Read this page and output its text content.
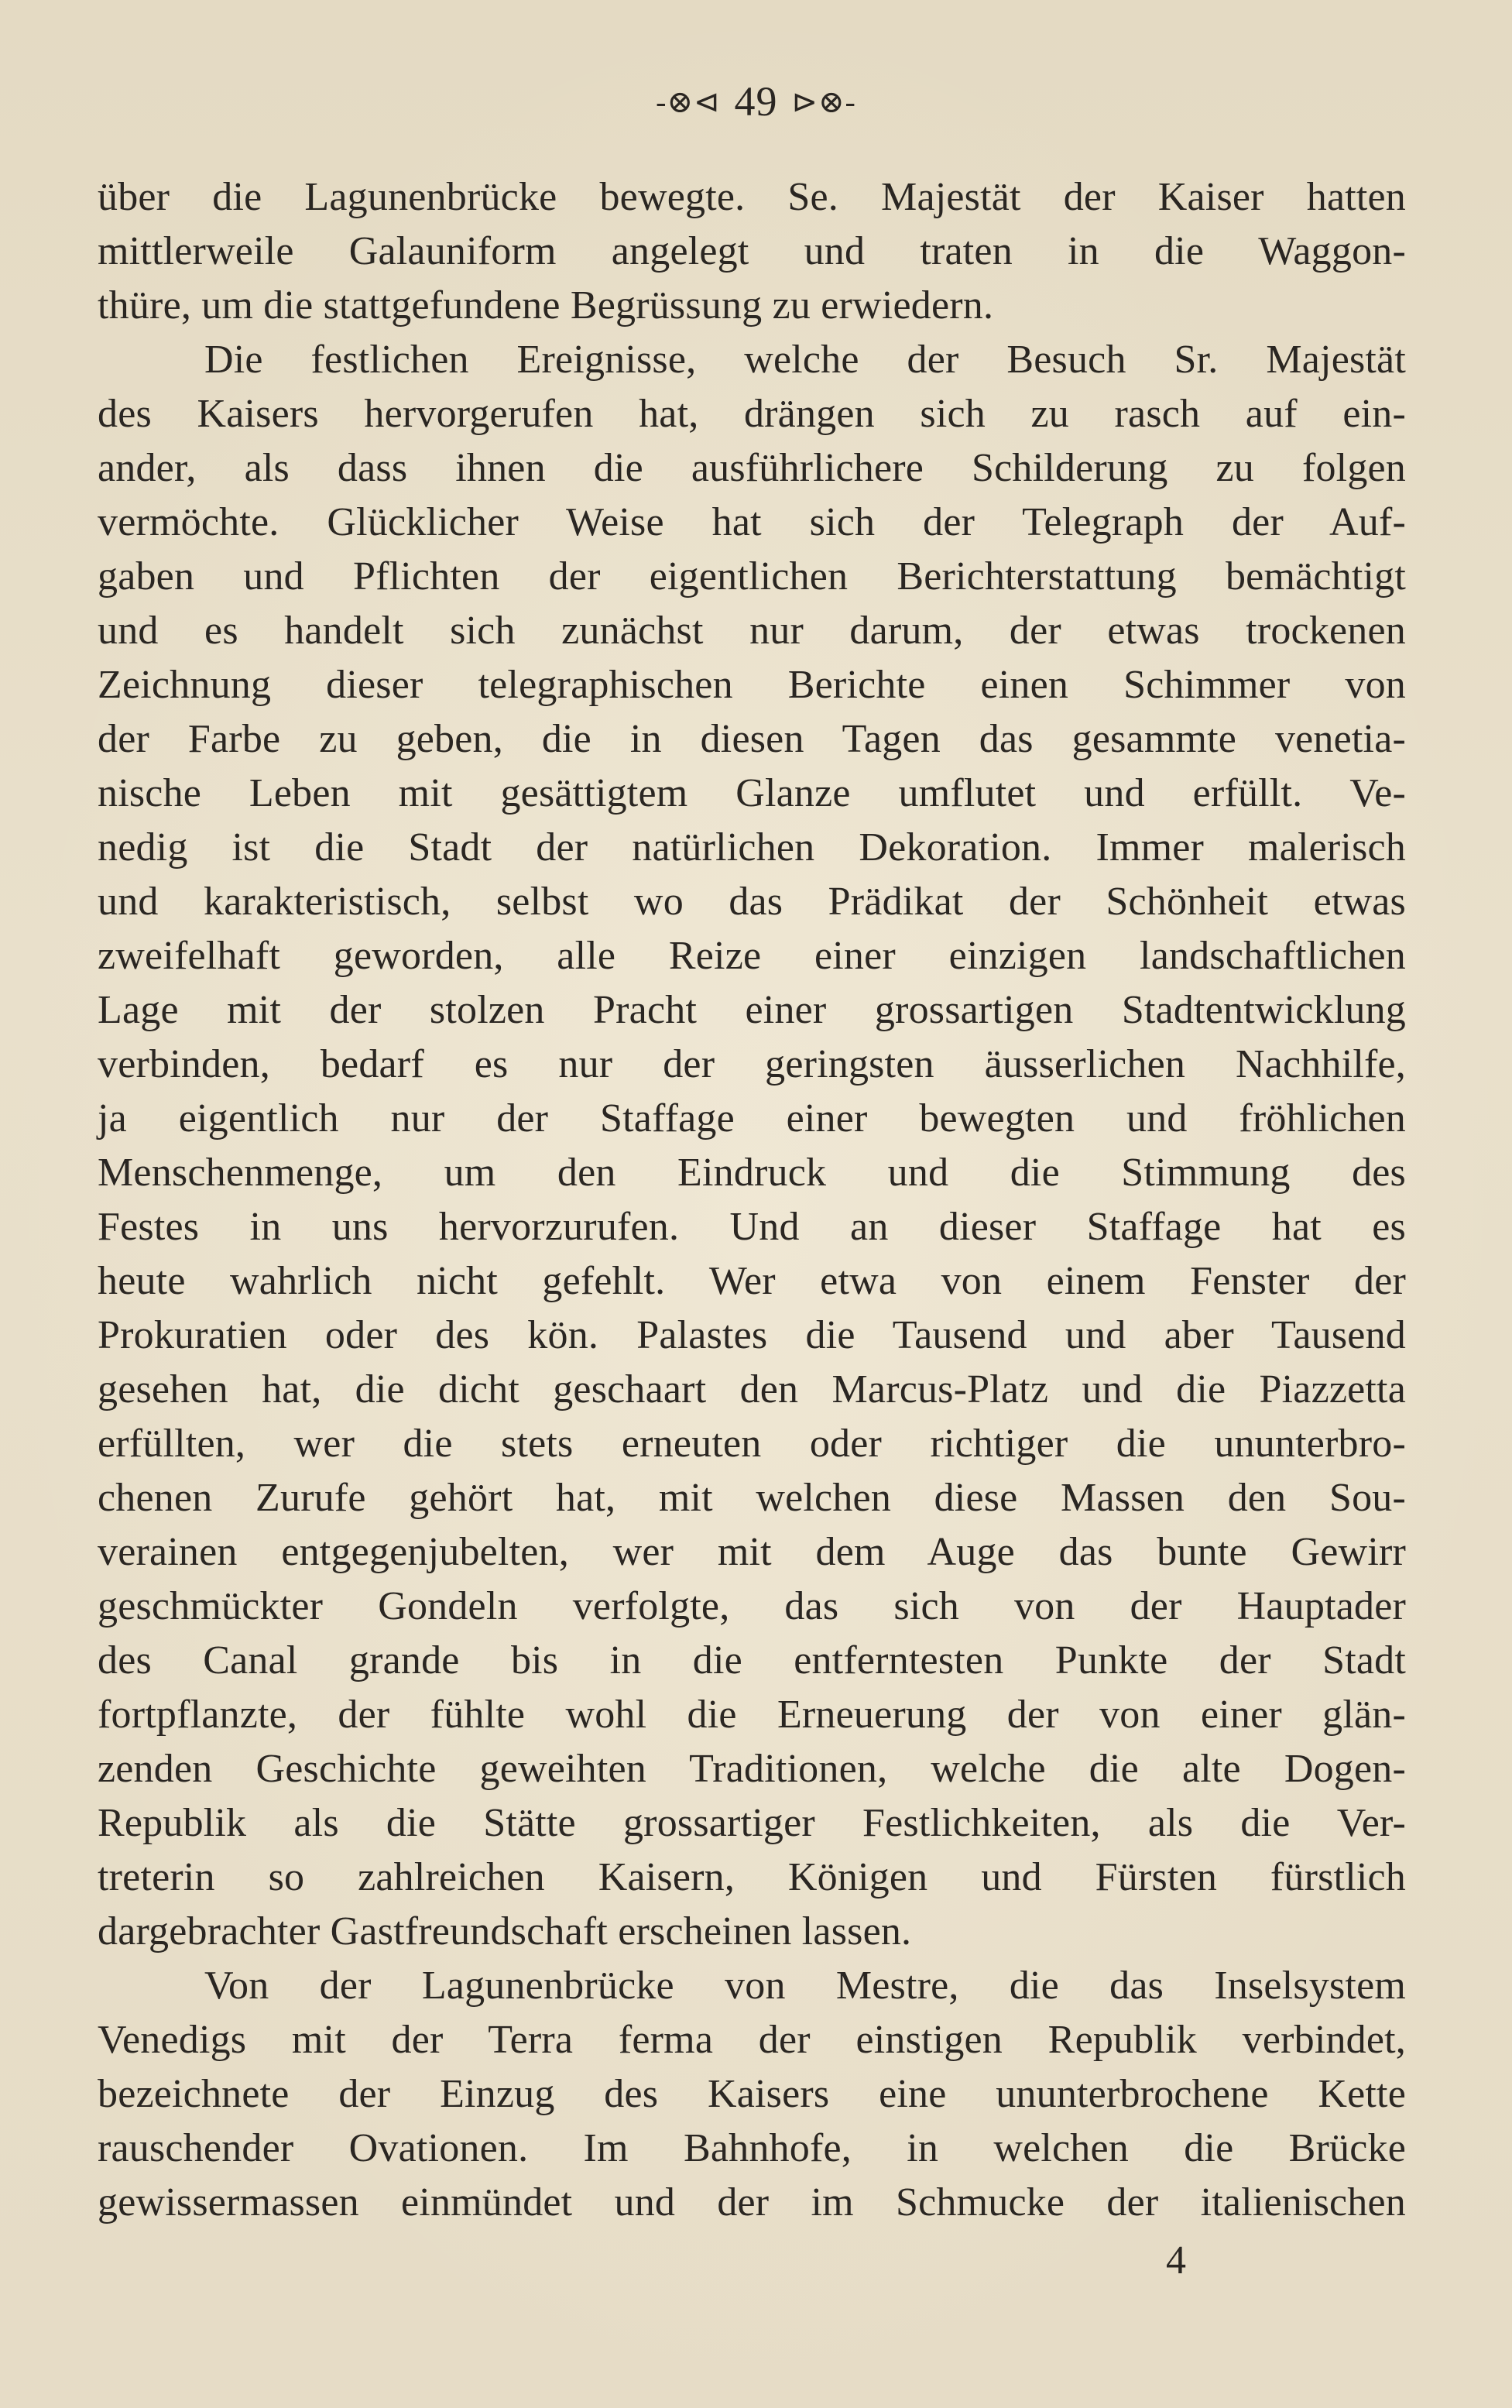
-⊗⊲ 49 ⊳⊗-
über die Lagunenbrücke bewegte. Se. Majestät der Kaiser hatten
mittlerweile Galauniform angelegt und traten in die Waggon-
thüre, um die stattgefundene Begrüssung zu erwiedern.
Die festlichen Ereignisse, welche der Besuch Sr. Majestät
des Kaisers hervorgerufen hat, drängen sich zu rasch auf ein-
ander, als dass ihnen die ausführlichere Schilderung zu folgen
vermöchte. Glücklicher Weise hat sich der Telegraph der Auf-
gaben und Pflichten der eigentlichen Berichterstattung bemächtigt
und es handelt sich zunächst nur darum, der etwas trockenen
Zeichnung dieser telegraphischen Berichte einen Schimmer von
der Farbe zu geben, die in diesen Tagen das gesammte venetia-
nische Leben mit gesättigtem Glanze umflutet und erfüllt. Ve-
nedig ist die Stadt der natürlichen Dekoration. Immer malerisch
und karakteristisch, selbst wo das Prädikat der Schönheit etwas
zweifelhaft geworden, alle Reize einer einzigen landschaftlichen
Lage mit der stolzen Pracht einer grossartigen Stadtentwicklung
verbinden, bedarf es nur der geringsten äusserlichen Nachhilfe,
ja eigentlich nur der Staffage einer bewegten und fröhlichen
Menschenmenge, um den Eindruck und die Stimmung des
Festes in uns hervorzurufen. Und an dieser Staffage hat es
heute wahrlich nicht gefehlt. Wer etwa von einem Fenster der
Prokuratien oder des kön. Palastes die Tausend und aber Tausend
gesehen hat, die dicht geschaart den Marcus-Platz und die Piazzetta
erfüllten, wer die stets erneuten oder richtiger die ununterbro-
chenen Zurufe gehört hat, mit welchen diese Massen den Sou-
verainen entgegenjubelten, wer mit dem Auge das bunte Gewirr
geschmückter Gondeln verfolgte, das sich von der Hauptader
des Canal grande bis in die entferntesten Punkte der Stadt
fortpflanzte, der fühlte wohl die Erneuerung der von einer glän-
zenden Geschichte geweihten Traditionen, welche die alte Dogen-
Republik als die Stätte grossartiger Festlichkeiten, als die Ver-
treterin so zahlreichen Kaisern, Königen und Fürsten fürstlich
dargebrachter Gastfreundschaft erscheinen lassen.
Von der Lagunenbrücke von Mestre, die das Inselsystem
Venedigs mit der Terra ferma der einstigen Republik verbindet,
bezeichnete der Einzug des Kaisers eine ununterbrochene Kette
rauschender Ovationen. Im Bahnhofe, in welchen die Brücke
gewissermassen einmündet und der im Schmucke der italienischen
4
